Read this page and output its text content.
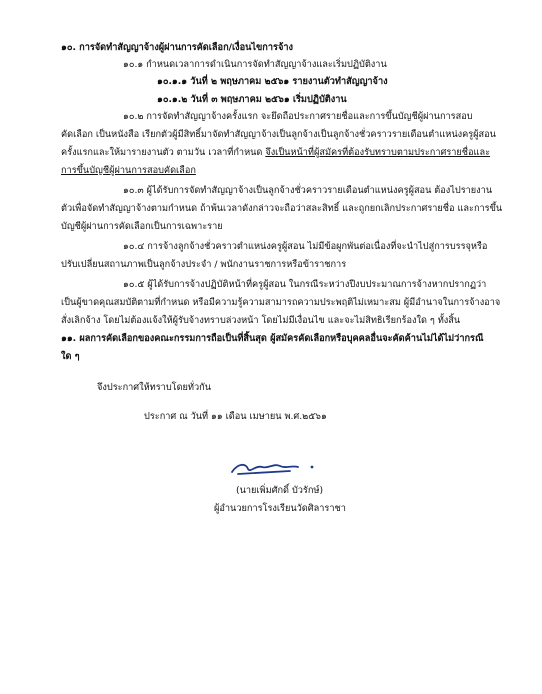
๑๐. การจัดทำสัญญาจ้างผู้ผ่านการคัดเลือก/เงื่อนไขการจ้าง
๑๐.๑ กำหนดเวลาการดำเนินการจัดทำสัญญาจ้างและเริ่มปฏิบัติงาน
๑๐.๑.๑ วันที่ ๒ พฤษภาคม ๒๕๖๑ รายงานตัวทำสัญญาจ้าง
๑๐.๑.๒ วันที่ ๓ พฤษภาคม ๒๕๖๑ เริ่มปฏิบัติงาน
๑๐.๒ การจัดทำสัญญาจ้างครั้งแรก จะยึดถือประกาศรายชื่อและการขึ้นบัญชีผู้ผ่านการสอบ
คัดเลือก เป็นหนังสือ เรียกตัวผู้มีสิทธิ์มาจัดทำสัญญาจ้างเป็นลูกจ้างเป็นลูกจ้างชั่วคราวรายเดือนตำแหน่งครูผู้สอน
ครั้งแรกและให้มารายงานตัว ตามวัน เวลาที่กำหนด จึงเป็นหน้าที่ผู้สมัครที่ต้องรับทราบตามประกาศรายชื่อและ
การขึ้นบัญชีผู้ผ่านการสอบคัดเลือก
๑๐.๓ ผู้ได้รับการจัดทำสัญญาจ้างเป็นลูกจ้างชั่วคราวรายเดือนตำแหน่งครูผู้สอน ต้องไปรายงาน
ตัวเพื่อจัดทำสัญญาจ้างตามกำหนด ถ้าพ้นเวลาดังกล่าวจะถือว่าสละสิทธิ์ และถูกยกเลิกประกาศรายชื่อ และการขึ้น
บัญชีผู้ผ่านการคัดเลือกเป็นการเฉพาะราย
๑๐.๔ การจ้างลูกจ้างชั่วคราวตำแหน่งครูผู้สอน ไม่มีข้อผูกพันต่อเนื่องที่จะนำไปสู่การบรรจุหรือ
ปรับเปลี่ยนสถานภาพเป็นลูกจ้างประจำ / พนักงานราชการหรือข้าราชการ
๑๐.๕ ผู้ได้รับการจ้างปฏิบัติหน้าที่ครูผู้สอน ในกรณีระหว่างปีงบประมาณการจ้างหากปรากฏว่า
เป็นผู้ขาดคุณสมบัติตามที่กำหนด หรือมีความรู้ความสามารถความประพฤติไม่เหมาะสม ผู้มีอำนาจในการจ้างอาจ
สั่งเลิกจ้าง โดยไม่ต้องแจ้งให้ผู้รับจ้างทราบล่วงหน้า โดยไม่มีเงื่อนไข และจะไม่สิทธิเรียกร้องใด ๆ ทั้งสิ้น
๑๑. ผลการคัดเลือกของคณะกรรมการถือเป็นที่สิ้นสุด ผู้สมัครคัดเลือกหรือบุคคลอื่นจะคัดค้านไม่ได้ไม่ว่ากรณี
ใด ๆ
จึงประกาศให้ทราบโดยทั่วกัน
ประกาศ ณ วันที่ ๑๑ เดือน เมษายน พ.ศ.๒๕๖๑
(นายเพิ่มศักดิ์ บัวรักษ์)
ผู้อำนวยการโรงเรียนวัดศิลาราชา
